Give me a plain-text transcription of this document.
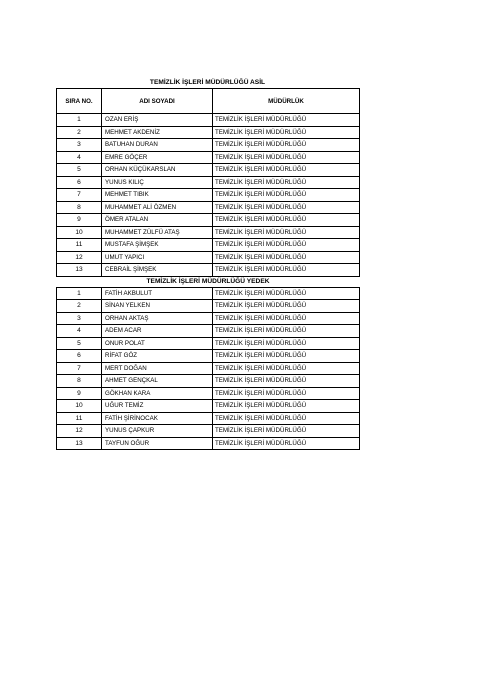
TEMİZLİK İŞLERİ MÜDÜRLÜĞÜ ASİL
SIRA NO.	ADI SOYADI	MÜDÜRLÜK
1	OZAN ERİŞ	TEMİZLİK İŞLERİ MÜDÜRLÜĞÜ
2	MEHMET AKDENİZ	TEMİZLİK İŞLERİ MÜDÜRLÜĞÜ
3	BATUHAN DURAN	TEMİZLİK İŞLERİ MÜDÜRLÜĞÜ
4	EMRE GÖÇER	TEMİZLİK İŞLERİ MÜDÜRLÜĞÜ
5	ORHAN KÜÇÜKARSLAN	TEMİZLİK İŞLERİ MÜDÜRLÜĞÜ
6	YUNUS KILIÇ	TEMİZLİK İŞLERİ MÜDÜRLÜĞÜ
7	MEHMET TIBIK	TEMİZLİK İŞLERİ MÜDÜRLÜĞÜ
8	MUHAMMET ALİ ÖZMEN	TEMİZLİK İŞLERİ MÜDÜRLÜĞÜ
9	ÖMER ATALAN	TEMİZLİK İŞLERİ MÜDÜRLÜĞÜ
10	MUHAMMET ZÜLFÜ ATAŞ	TEMİZLİK İŞLERİ MÜDÜRLÜĞÜ
11	MUSTAFA ŞİMŞEK	TEMİZLİK İŞLERİ MÜDÜRLÜĞÜ
12	UMUT YAPICI	TEMİZLİK İŞLERİ MÜDÜRLÜĞÜ
13	CEBRAİL ŞİMŞEK	TEMİZLİK İŞLERİ MÜDÜRLÜĞÜ
TEMİZLİK İŞLERİ MÜDÜRLÜĞÜ YEDEK		
1	FATİH AKBULUT	TEMİZLİK İŞLERİ MÜDÜRLÜĞÜ
2	SİNAN YELKEN	TEMİZLİK İŞLERİ MÜDÜRLÜĞÜ
3	ORHAN AKTAŞ	TEMİZLİK İŞLERİ MÜDÜRLÜĞÜ
4	ADEM ACAR	TEMİZLİK İŞLERİ MÜDÜRLÜĞÜ
5	ONUR POLAT	TEMİZLİK İŞLERİ MÜDÜRLÜĞÜ
6	RİFAT GÖZ	TEMİZLİK İŞLERİ MÜDÜRLÜĞÜ
7	MERT DOĞAN	TEMİZLİK İŞLERİ MÜDÜRLÜĞÜ
8	AHMET GENÇKAL	TEMİZLİK İŞLERİ MÜDÜRLÜĞÜ
9	GÖKHAN KARA	TEMİZLİK İŞLERİ MÜDÜRLÜĞÜ
10	UĞUR TEMİZ	TEMİZLİK İŞLERİ MÜDÜRLÜĞÜ
11	FATİH ŞİRİNOCAK	TEMİZLİK İŞLERİ MÜDÜRLÜĞÜ
12	YUNUS ÇAPKUR	TEMİZLİK İŞLERİ MÜDÜRLÜĞÜ
13	TAYFUN OĞUR	TEMİZLİK İŞLERİ MÜDÜRLÜĞÜ
